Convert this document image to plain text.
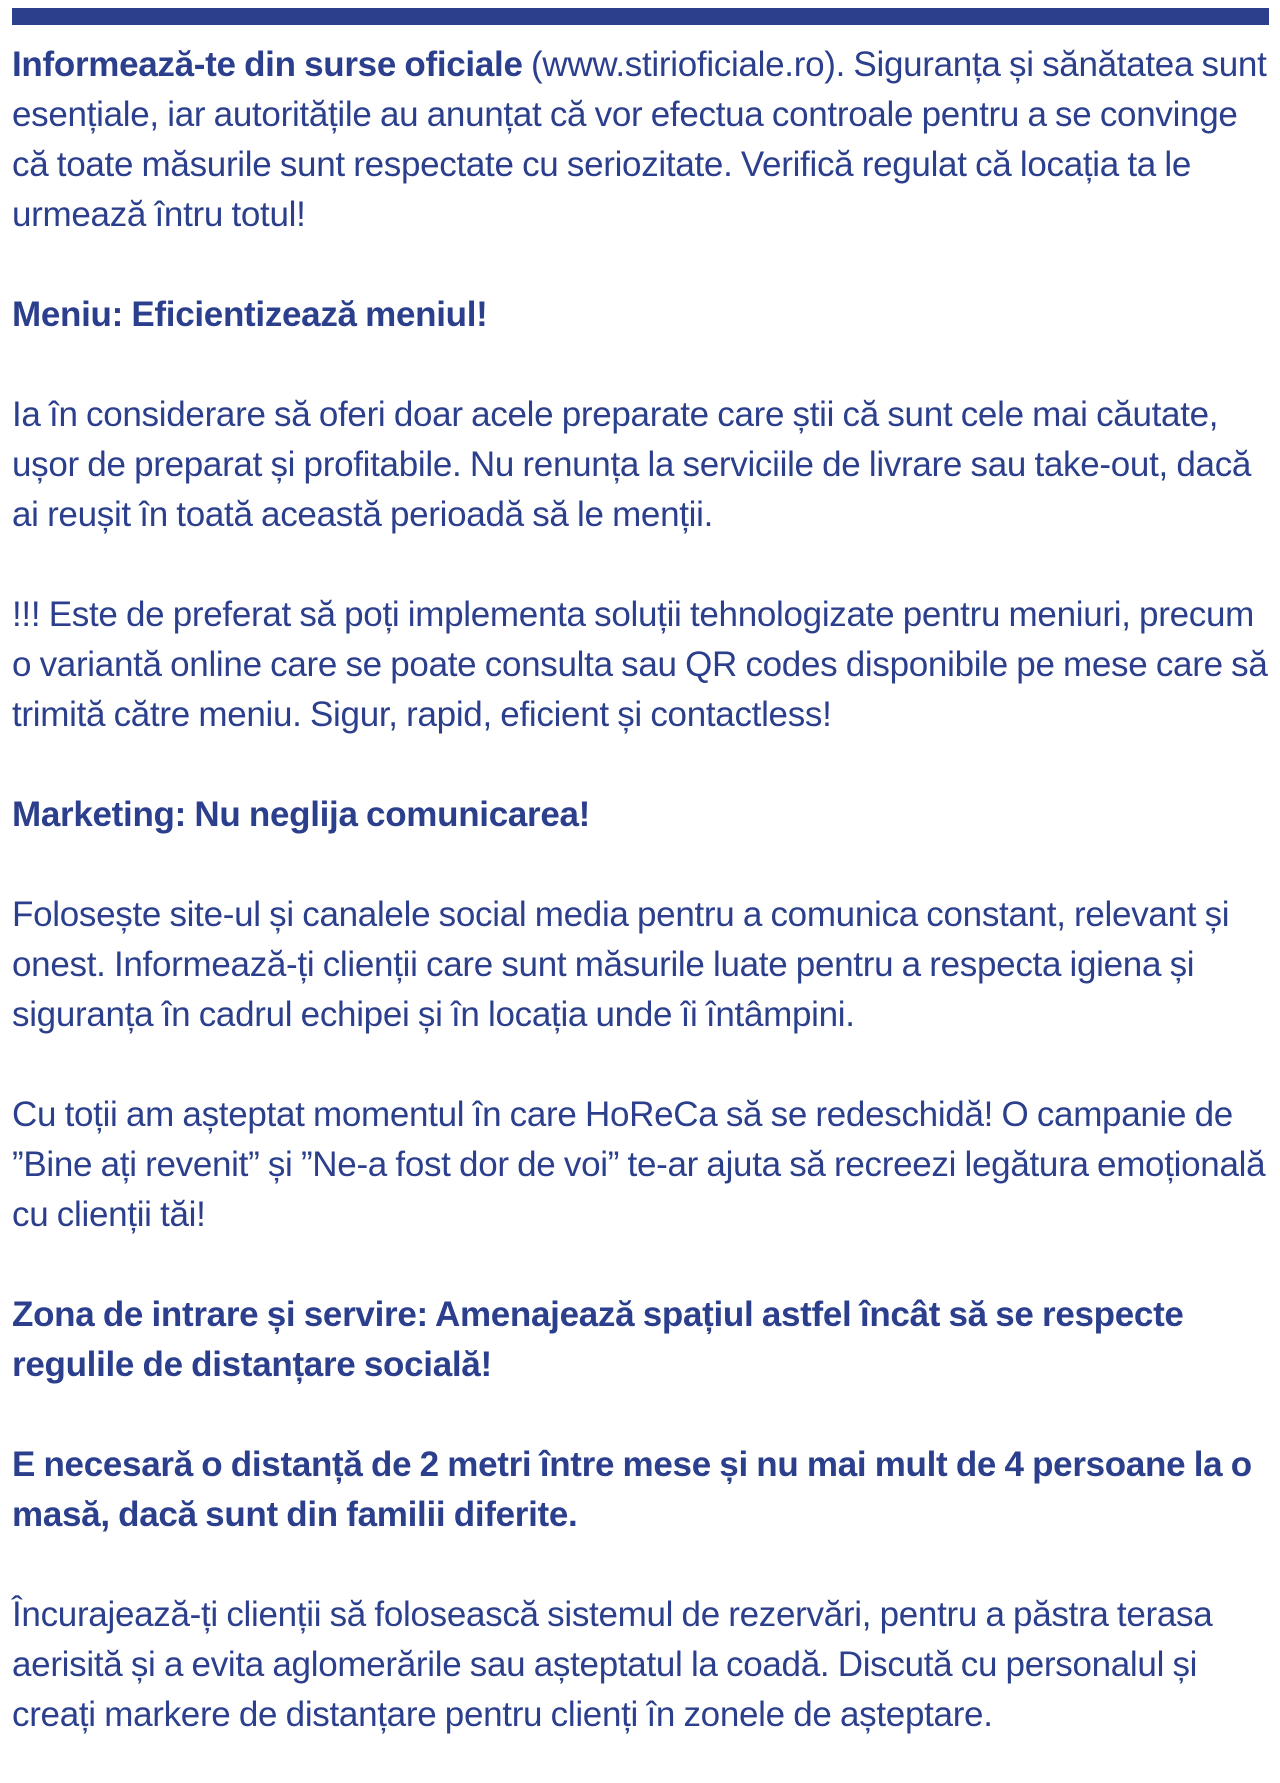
Informează-te din surse oficiale (www.stirioficiale.ro). Siguranța și sănătatea sunt esențiale, iar autoritățile au anunțat că vor efectua controale pentru a se convinge că toate măsurile sunt respectate cu seriozitate. Verifică regulat că locația ta le urmează întru totul!

Meniu: Eficientizează meniul!

Ia în considerare să oferi doar acele preparate care știi că sunt cele mai căutate, ușor de preparat și profitabile. Nu renunța la serviciile de livrare sau take-out, dacă ai reușit în toată această perioadă să le menții.

!!! Este de preferat să poți implementa soluții tehnologizate pentru meniuri, precum o variantă online care se poate consulta sau QR codes disponibile pe mese care să trimită către meniu. Sigur, rapid, eficient și contactless!

Marketing: Nu neglija comunicarea!

Folosește site-ul și canalele social media pentru a comunica constant, relevant și onest. Informează-ți clienții care sunt măsurile luate pentru a respecta igiena și siguranța în cadrul echipei și în locația unde îi întâmpini.

Cu toții am așteptat momentul în care HoReCa să se redeschidă! O campanie de ”Bine ați revenit” și ”Ne-a fost dor de voi” te-ar ajuta să recreezi legătura emoțională cu clienții tăi!

Zona de intrare și servire: Amenajează spațiul astfel încât să se respecte regulile de distanțare socială!

E necesară o distanță de 2 metri între mese și nu mai mult de 4 persoane la o masă, dacă sunt din familii diferite.

Încurajează-ți clienții să folosească sistemul de rezervări, pentru a păstra terasa aerisită și a evita aglomerările sau așteptatul la coadă. Discută cu personalul și creați markere de distanțare pentru clienți în zonele de așteptare.
